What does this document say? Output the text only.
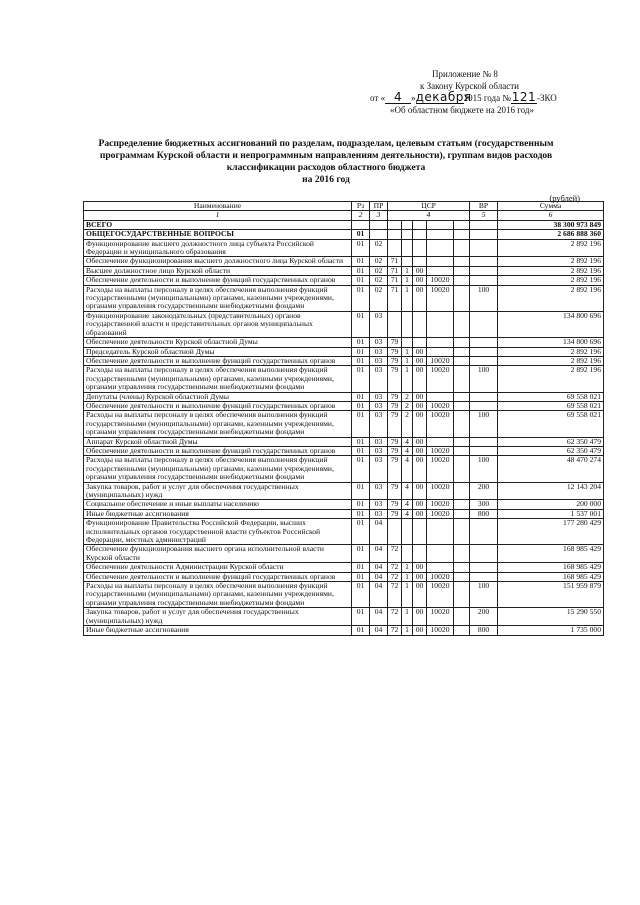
Приложение № 8
к Закону Курской области
от « 4 »декабря2015 года №121-ЗКО
«Об областном бюджете на 2016 год»
Распределение бюджетных ассигнований по разделам, подразделам, целевым статьям (государственным
программам Курской области и непрограммным направлениям деятельности), группам видов расходов
классификации расходов областного бюджета
на 2016 год
(рублей)
Наименование	Рз	ПР	ЦСР					ВР	Сумма
1	2	3	4					5	6
ВСЕГО									38 300 973 849
ОБЩЕГОСУДАРСТВЕННЫЕ ВОПРОСЫ	01								2 686 888 360
Функционирование высшего должностного лица субъекта Российской Федерации и муниципального образования	01	02							2 892 196
Обеспечение функционирования высшего должностного лица Курской области	01	02	71						2 892 196
Высшее должностное лицо Курской области	01	02	71	1	00				2 892 196
Обеспечение деятельности и выполнение функций государственных органов	01	02	71	1	00	10020			2 892 196
Расходы на выплаты персоналу в целях обеспечения выполнения функций государственными (муниципальными) органами, казенными учреждениями, органами управления государственными внебюджетными фондами	01	02	71	1	00	10020		100	2 892 196
Функционирование законодательных (представительных) органов государственной власти и представительных органов муниципальных образований	01	03							134 800 696
Обеспечение деятельности Курской областной Думы	01	03	79						134 800 696
Председатель Курской областной Думы	01	03	79	1	00				2 892 196
Обеспечение деятельности и выполнение функций государственных органов	01	03	79	1	00	10020			2 892 196
Расходы на выплаты персоналу в целях обеспечения выполнения функций государственными (муниципальными) органами, казенными учреждениями, органами управления государственными внебюджетными фондами	01	03	79	1	00	10020		100	2 892 196
Депутаты (члены) Курской областной Думы	01	03	79	2	00				69 558 021
Обеспечение деятельности и выполнение функций государственных органов	01	03	79	2	00	10020			69 558 021
Расходы на выплаты персоналу в целях обеспечения выполнения функций государственными (муниципальными) органами, казенными учреждениями, органами управления государственными внебюджетными фондами	01	03	79	2	00	10020		100	69 558 021
Аппарат Курской областной Думы	01	03	79	4	00				62 350 479
Обеспечение деятельности и выполнение функций государственных органов	01	03	79	4	00	10020			62 350 479
Расходы на выплаты персоналу в целях обеспечения выполнения функций государственными (муниципальными) органами, казенными учреждениями, органами управления государственными внебюджетными фондами	01	03	79	4	00	10020		100	48 470 274
Закупка товаров, работ и услуг для обеспечения государственных (муниципальных) нужд	01	03	79	4	00	10020		200	12 143 204
Социальное обеспечение и иные выплаты населению	01	03	79	4	00	10020		300	200 000
Иные бюджетные ассигнования	01	03	79	4	00	10020		800	1 537 001
Функционирование Правительства Российской Федерации, высших исполнительных органов государственной власти субъектов Российской Федерации, местных администраций	01	04							177 280 429
Обеспечение функционирования высшего органа исполнительной власти Курской области	01	04	72						168 985 429
Обеспечение деятельности Администрации Курской области	01	04	72	1	00				168 985 429
Обеспечение деятельности и выполнение функций государственных органов	01	04	72	1	00	10020			168 985 429
Расходы на выплаты персоналу в целях обеспечения выполнения функций государственными (муниципальными) органами, казенными учреждениями, органами управления государственными внебюджетными фондами	01	04	72	1	00	10020		100	151 959 879
Закупка товаров, работ и услуг для обеспечения государственных (муниципальных) нужд	01	04	72	1	00	10020		200	15 290 550
Иные бюджетные ассигнования	01	04	72	1	00	10020		800	1 735 000
